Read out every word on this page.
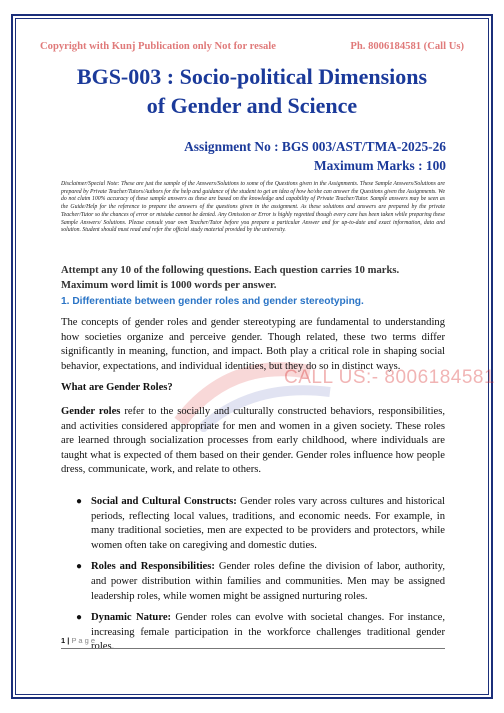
CALL US:- 8006184581
Copyright with Kunj Publication only Not for resale	Ph. 8006184581 (Call Us)
BGS-003 : Socio-political Dimensions
of Gender and Science
Assignment No : BGS 003/AST/TMA-2025-26
Maximum Marks : 100
Disclaimer/Special Note: These are just the sample of the Answers/Solutions to some of the Questions given in the Assignments. These Sample Answers/Solutions are prepared by Private Teacher/Tutors/Authors for the help and guidance of the student to get an idea of how he/she can answer the Questions given the Assignments. We do not claim 100% accuracy of these sample answers as these are based on the knowledge and capability of Private Teacher/Tutor. Sample answers may be seen as the Guide/Help for the reference to prepare the answers of the questions given in the assignment. As these solutions and answers are prepared by the private Teacher/Tutor so the chances of error or mistake cannot be denied. Any Omission or Error is highly regretted though every care has been taken while preparing these Sample Answers/ Solutions. Please consult your own Teacher/Tutor before you prepare a particular Answer and for up-to-date and exact information, data and solution. Student should must read and refer the official study material provided by the university.
Attempt any 10 of the following questions. Each question carries 10 marks.
Maximum word limit is 1000 words per answer.
1. Differentiate between gender roles and gender stereotyping.

The concepts of gender roles and gender stereotyping are fundamental to understanding how societies organize and perceive gender. Though related, these two terms differ significantly in meaning, function, and impact. Both play a critical role in shaping social behavior, expectations, and individual identities, but they do so in distinct ways.

What are Gender Roles?

Gender roles refer to the socially and culturally constructed behaviors, responsibilities, and activities considered appropriate for men and women in a given society. These roles are learned through socialization processes from early childhood, where individuals are taught what is expected of them based on their gender. Gender roles influence how people dress, communicate, work, and relate to others.

● Social and Cultural Constructs: Gender roles vary across cultures and historical periods, reflecting local values, traditions, and economic needs. For example, in many traditional societies, men are expected to be providers and protectors, while women often take on caregiving and domestic duties.
● Roles and Responsibilities: Gender roles define the division of labor, authority, and power distribution within families and communities. Men may be assigned leadership roles, while women might be assigned nurturing roles.
● Dynamic Nature: Gender roles can evolve with societal changes. For instance, increasing female participation in the workforce challenges traditional gender roles.
1 | P a g e
